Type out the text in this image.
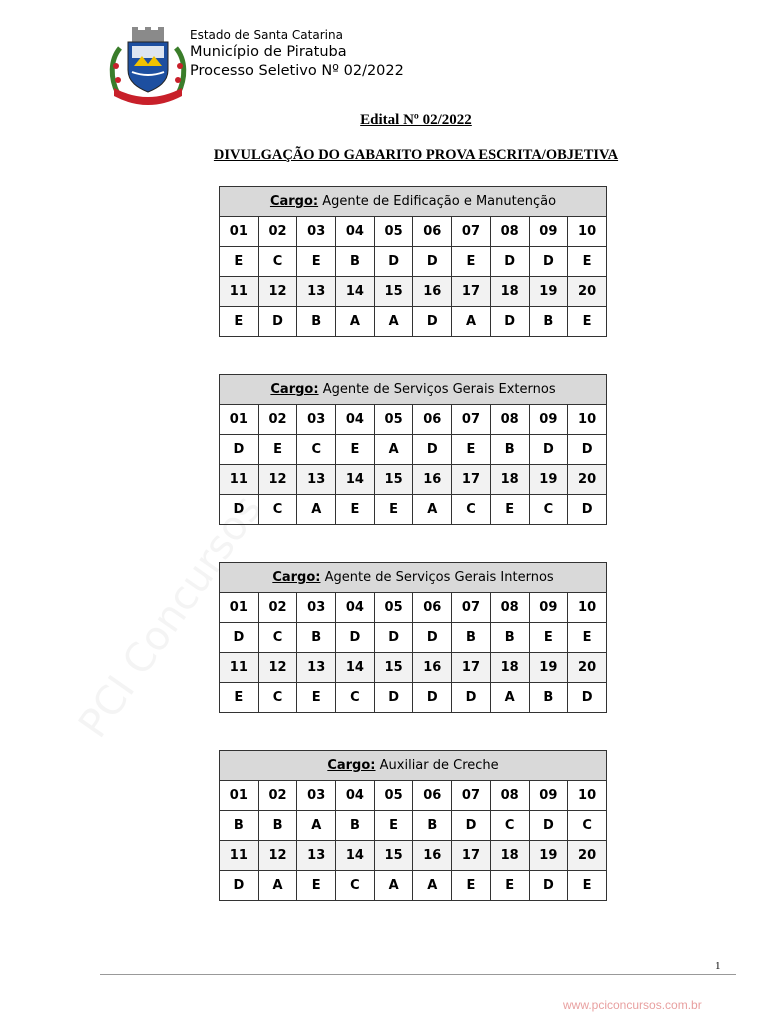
Estado de Santa Catarina
Município de Piratuba
Processo Seletivo Nº 02/2022
Edital Nº 02/2022
DIVULGAÇÃO DO GABARITO PROVA ESCRITA/OBJETIVA
Cargo: Agente de Edificação e Manutenção									
01	02	03	04	05	06	07	08	09	10
E	C	E	B	D	D	E	D	D	E
11	12	13	14	15	16	17	18	19	20
E	D	B	A	A	D	A	D	B	E
Cargo: Agente de Serviços Gerais Externos									
01	02	03	04	05	06	07	08	09	10
D	E	C	E	A	D	E	B	D	D
11	12	13	14	15	16	17	18	19	20
D	C	A	E	E	A	C	E	C	D
Cargo: Agente de Serviços Gerais Internos									
01	02	03	04	05	06	07	08	09	10
D	C	B	D	D	D	B	B	E	E
11	12	13	14	15	16	17	18	19	20
E	C	E	C	D	D	D	A	B	D
Cargo: Auxiliar de Creche									
01	02	03	04	05	06	07	08	09	10
B	B	A	B	E	B	D	C	D	C
11	12	13	14	15	16	17	18	19	20
D	A	E	C	A	A	E	E	D	E
1
www.pciconcursos.com.br
